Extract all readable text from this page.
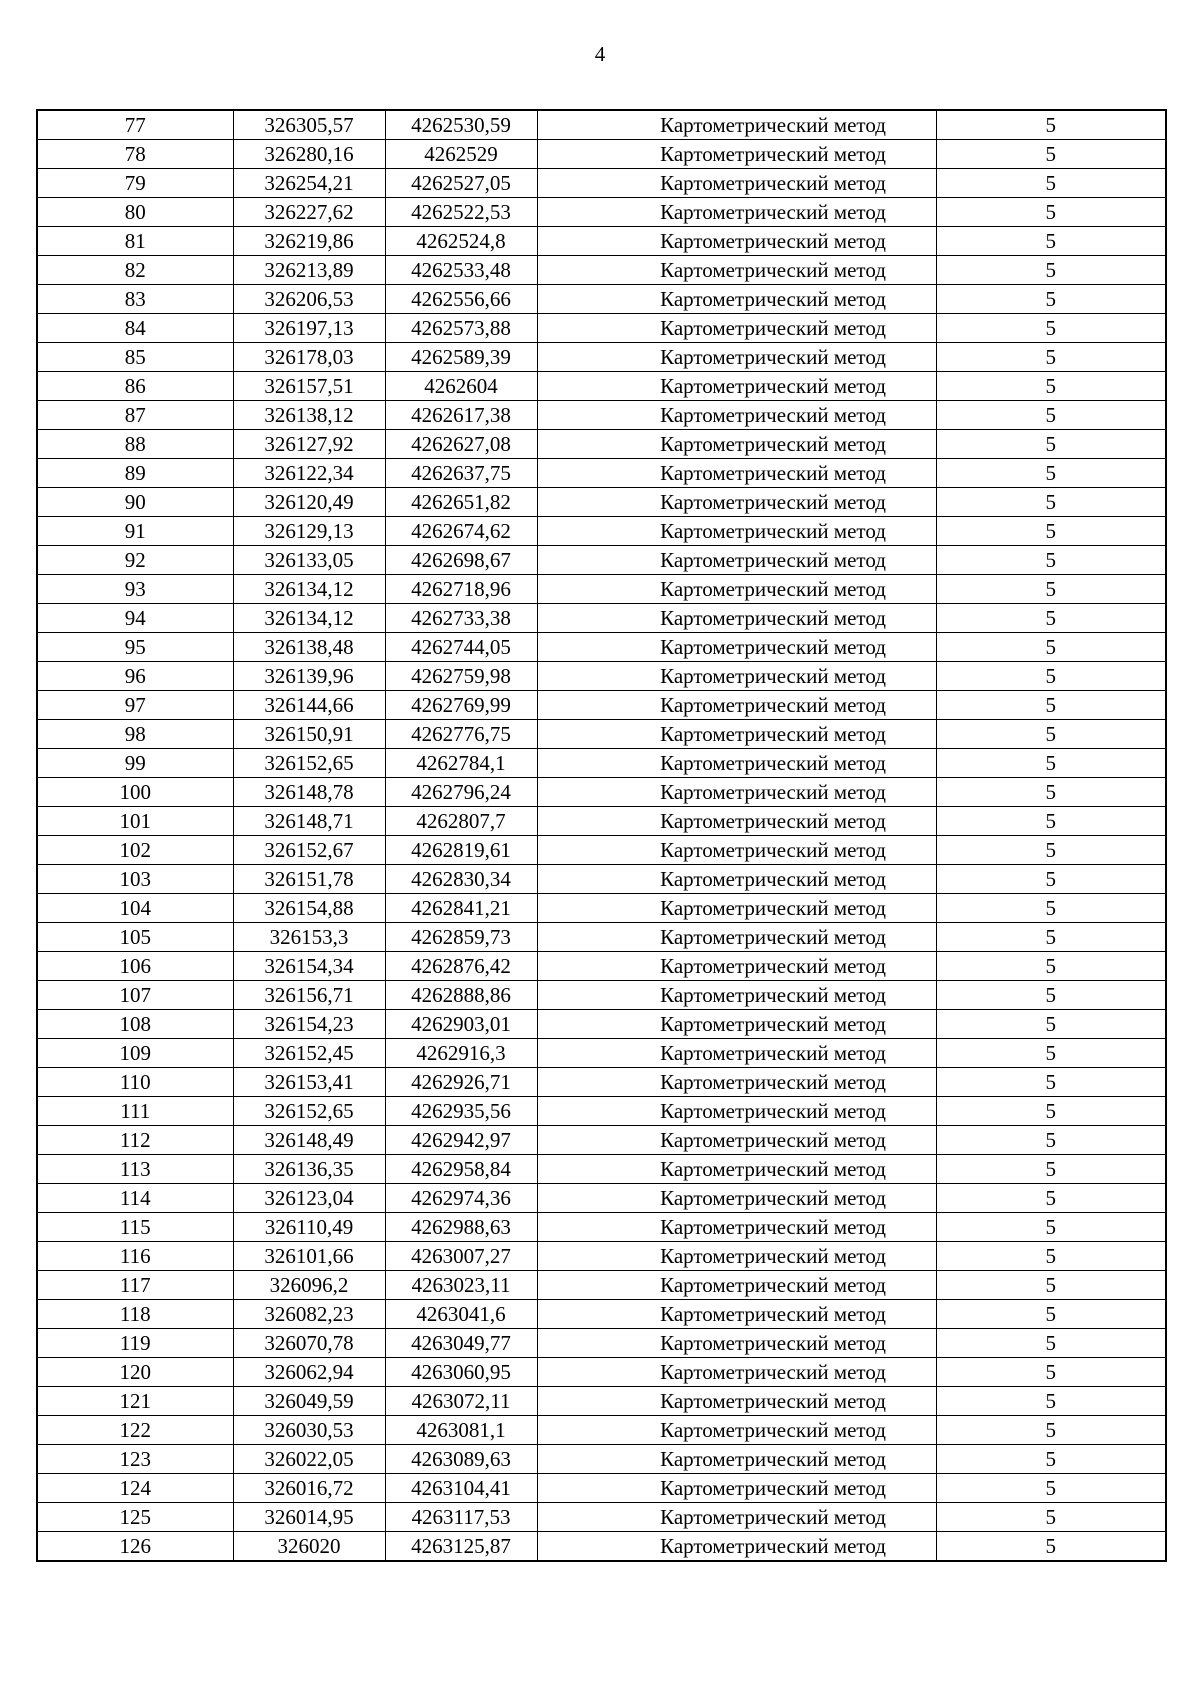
4
77	326305,57	4262530,59	Картометрический метод	5
78	326280,16	4262529	Картометрический метод	5
79	326254,21	4262527,05	Картометрический метод	5
80	326227,62	4262522,53	Картометрический метод	5
81	326219,86	4262524,8	Картометрический метод	5
82	326213,89	4262533,48	Картометрический метод	5
83	326206,53	4262556,66	Картометрический метод	5
84	326197,13	4262573,88	Картометрический метод	5
85	326178,03	4262589,39	Картометрический метод	5
86	326157,51	4262604	Картометрический метод	5
87	326138,12	4262617,38	Картометрический метод	5
88	326127,92	4262627,08	Картометрический метод	5
89	326122,34	4262637,75	Картометрический метод	5
90	326120,49	4262651,82	Картометрический метод	5
91	326129,13	4262674,62	Картометрический метод	5
92	326133,05	4262698,67	Картометрический метод	5
93	326134,12	4262718,96	Картометрический метод	5
94	326134,12	4262733,38	Картометрический метод	5
95	326138,48	4262744,05	Картометрический метод	5
96	326139,96	4262759,98	Картометрический метод	5
97	326144,66	4262769,99	Картометрический метод	5
98	326150,91	4262776,75	Картометрический метод	5
99	326152,65	4262784,1	Картометрический метод	5
100	326148,78	4262796,24	Картометрический метод	5
101	326148,71	4262807,7	Картометрический метод	5
102	326152,67	4262819,61	Картометрический метод	5
103	326151,78	4262830,34	Картометрический метод	5
104	326154,88	4262841,21	Картометрический метод	5
105	326153,3	4262859,73	Картометрический метод	5
106	326154,34	4262876,42	Картометрический метод	5
107	326156,71	4262888,86	Картометрический метод	5
108	326154,23	4262903,01	Картометрический метод	5
109	326152,45	4262916,3	Картометрический метод	5
110	326153,41	4262926,71	Картометрический метод	5
111	326152,65	4262935,56	Картометрический метод	5
112	326148,49	4262942,97	Картометрический метод	5
113	326136,35	4262958,84	Картометрический метод	5
114	326123,04	4262974,36	Картометрический метод	5
115	326110,49	4262988,63	Картометрический метод	5
116	326101,66	4263007,27	Картометрический метод	5
117	326096,2	4263023,11	Картометрический метод	5
118	326082,23	4263041,6	Картометрический метод	5
119	326070,78	4263049,77	Картометрический метод	5
120	326062,94	4263060,95	Картометрический метод	5
121	326049,59	4263072,11	Картометрический метод	5
122	326030,53	4263081,1	Картометрический метод	5
123	326022,05	4263089,63	Картометрический метод	5
124	326016,72	4263104,41	Картометрический метод	5
125	326014,95	4263117,53	Картометрический метод	5
126	326020	4263125,87	Картометрический метод	5
